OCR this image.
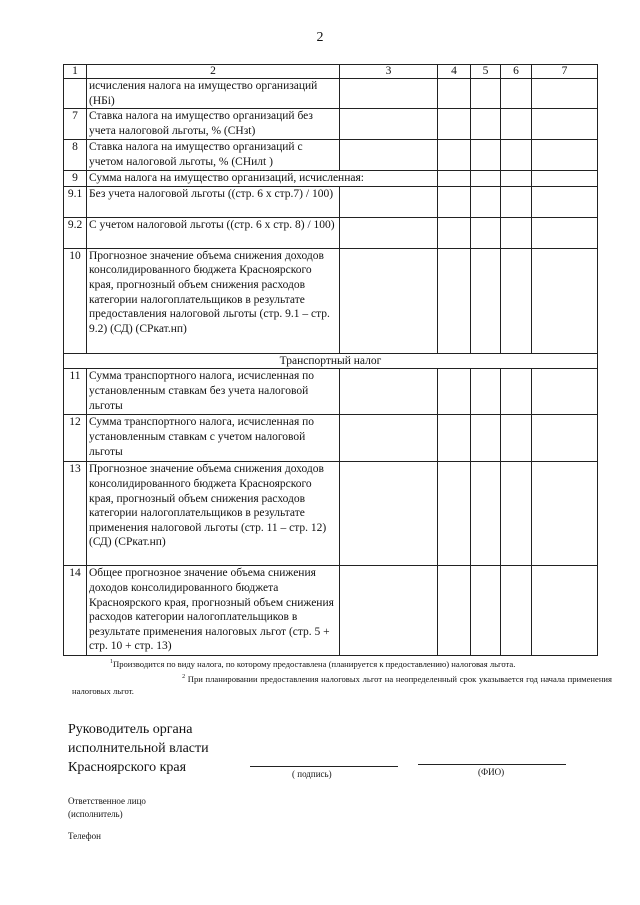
2
1	2	3	4	5	6	7
	исчисления налога на имущество организаций (НБi)					
7	Ставка налога на имущество организаций без учета налоговой льготы, % (СНзt)					
8	Ставка налога на имущество организаций с учетом налоговой льготы, % (СНилt )					
9	Сумма налога на имущество организаций, исчисленная:					
9.1	Без учета налоговой льготы ((стр. 6 x стр.7) / 100)					
9.2	С учетом налоговой льготы ((стр. 6 x стр. 8) / 100)					
10	Прогнозное значение объема снижения доходов консолидированного бюджета Красноярского края, прогнозный объем снижения расходов категории налогоплательщиков в результате предоставления налоговой льготы (стр. 9.1 – стр. 9.2) (СД) (СРкат.нп)					
Транспортный налог						
11	Сумма транспортного налога, исчисленная по установленным ставкам без учета налоговой льготы					
12	Сумма транспортного налога, исчисленная по установленным ставкам с учетом налоговой льготы					
13	Прогнозное значение объема снижения доходов консолидированного бюджета Красноярского края, прогнозный объем снижения расходов категории налогоплательщиков в результате применения налоговой льготы (стр. 11 – стр. 12) (СД) (СРкат.нп)					
14	Общее прогнозное значение объема снижения доходов консолидированного бюджета Красноярского края, прогнозный объем снижения расходов категории налогоплательщиков в результате применения налоговых льгот (стр. 5 + стр. 10 + стр. 13)					
$^1$Производится по виду налога, по которому предоставлена (планируется к предоставлению) налоговая льгота.
$^2$ При планировании предоставления налоговых льгот на неопределенный срок указывается год начала применения налоговых льгот.
Руководитель органа
исполнительной власти
Красноярского края	( подпись)	(ФИО)
Ответственное лицо
(исполнитель)
Телефон
